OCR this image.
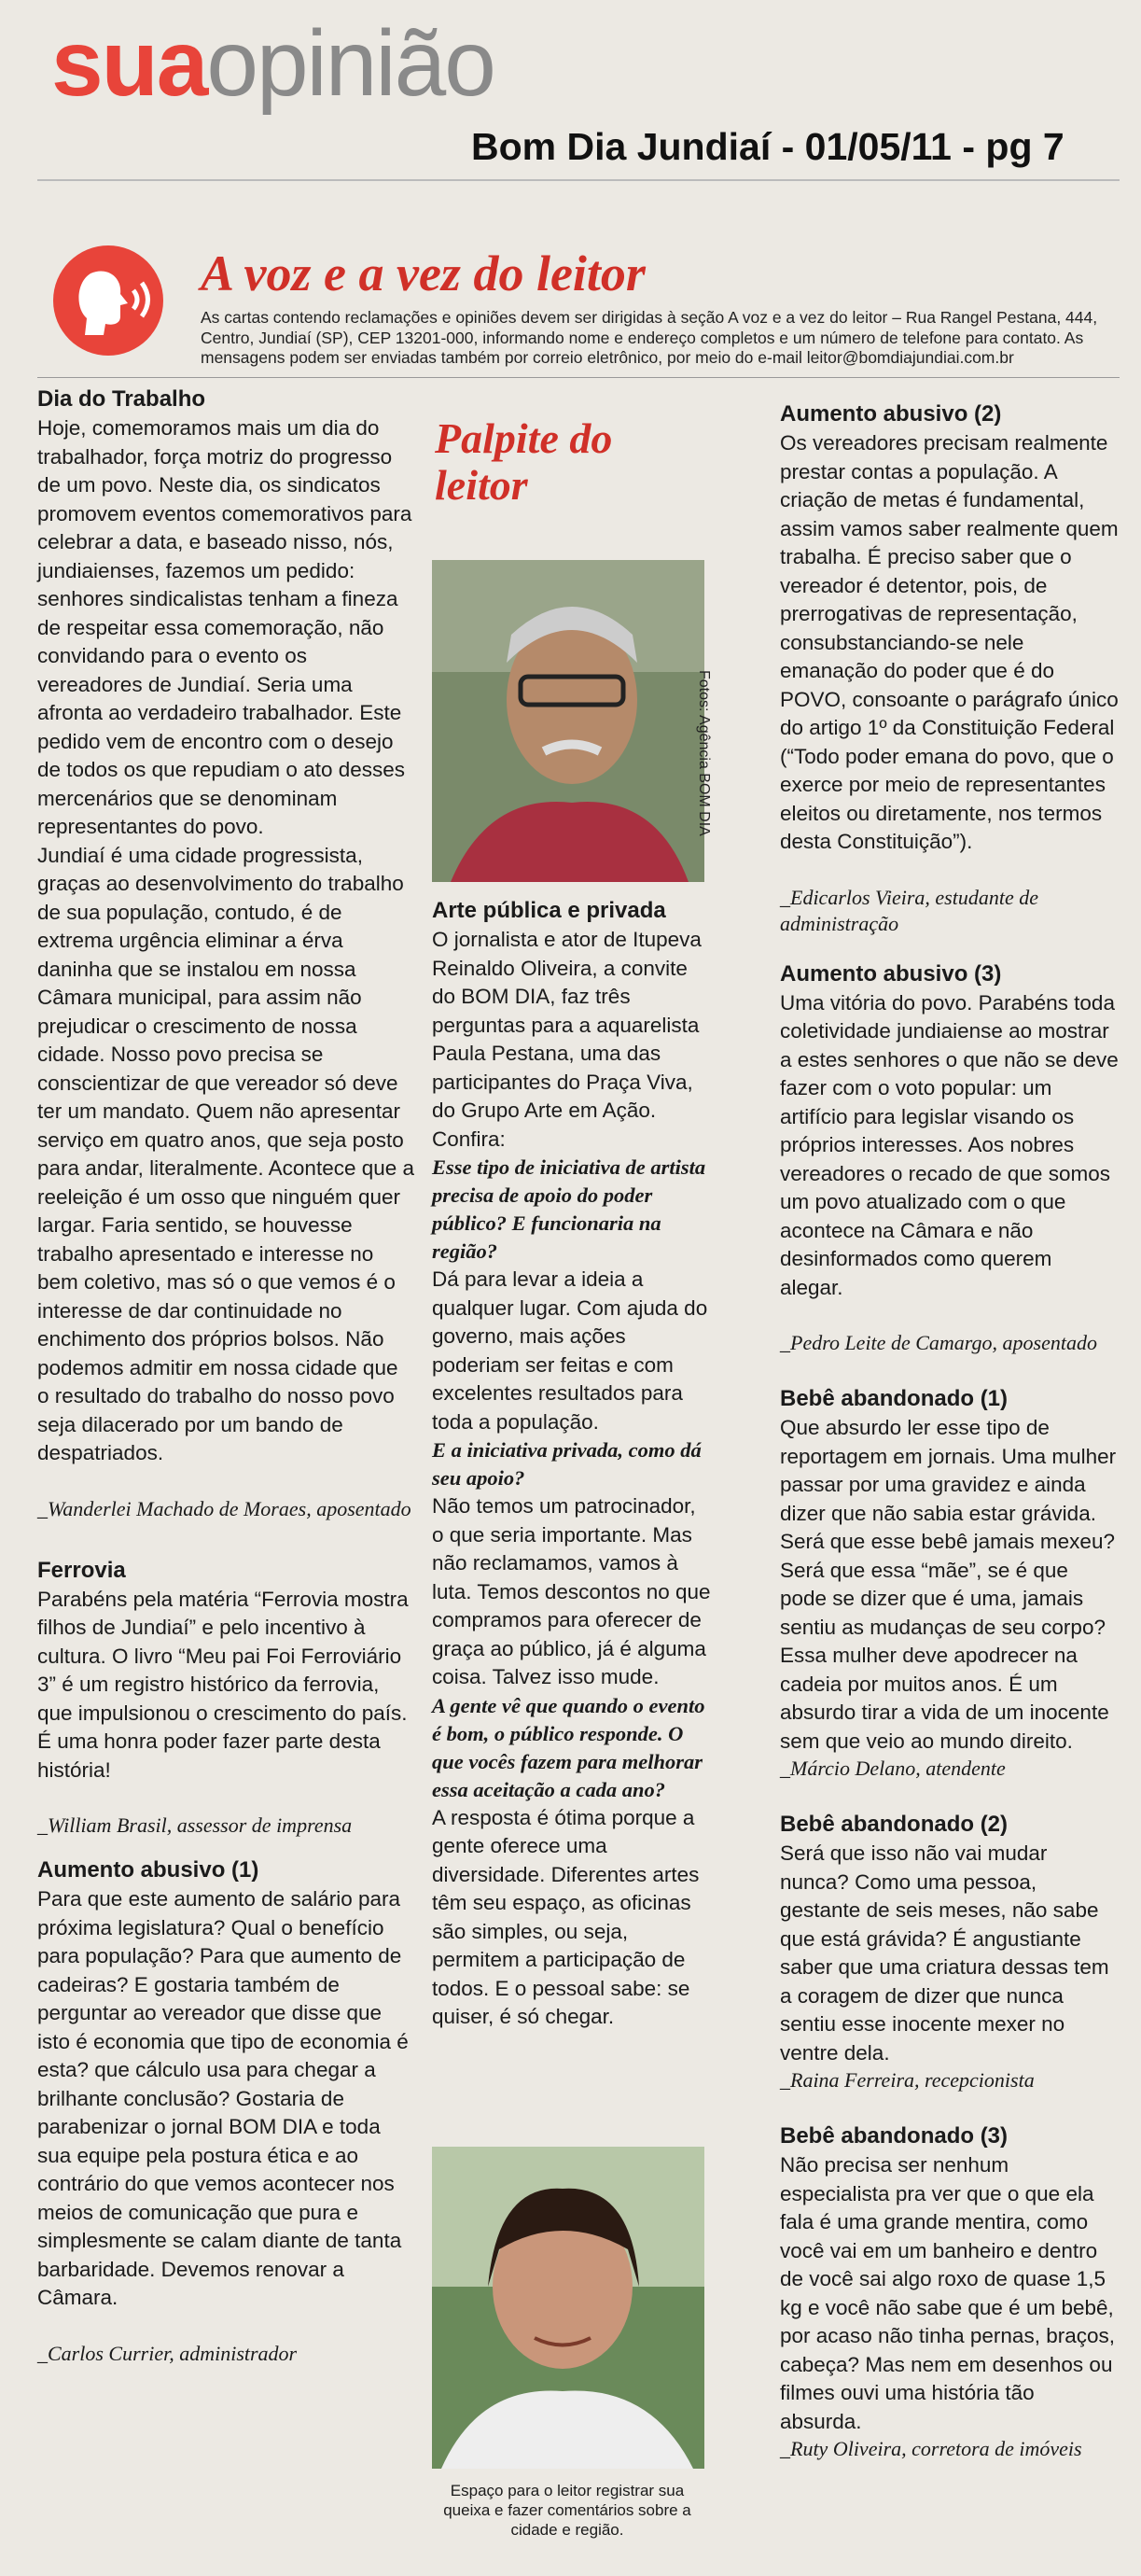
suaopinião
Bom Dia Jundiaí - 01/05/11 - pg 7
A voz e a vez do leitor
As cartas contendo reclamações e opiniões devem ser dirigidas à seção A voz e a vez do leitor – Rua Rangel Pestana, 444, Centro, Jundiaí (SP), CEP 13201-000, informando nome e endereço completos e um número de telefone para contato. As mensagens podem ser enviadas também por correio eletrônico, por meio do e-mail leitor@bomdiajundiai.com.br

Dia do Trabalho

Hoje, comemoramos mais um dia do trabalhador, força motriz do progresso de um povo. Neste dia, os sindicatos promovem eventos comemorativos para celebrar a data, e baseado nisso, nós, jundiaienses, fazemos um pedido: senhores sindicalistas tenham a fineza de respeitar essa comemoração, não convidando para o evento os vereadores de Jundiaí. Seria uma afronta ao verdadeiro trabalhador. Este pedido vem de encontro com o desejo de todos os que repudiam o ato desses mercenários que se denominam representantes do povo.

Jundiaí é uma cidade progressista, graças ao desenvolvimento do trabalho de sua população, contudo, é de extrema urgência eliminar a érva daninha que se instalou em nossa Câmara municipal, para assim não prejudicar o crescimento de nossa cidade. Nosso povo precisa se conscientizar de que vereador só deve ter um mandato. Quem não apresentar serviço em quatro anos, que seja posto para andar, literalmente. Acontece que a reeleição é um osso que ninguém quer largar. Faria sentido, se houvesse trabalho apresentado e interesse no bem coletivo, mas só o que vemos é o interesse de dar continuidade no enchimento dos próprios bolsos. Não podemos admitir em nossa cidade que o resultado do trabalho do nosso povo seja dilacerado por um bando de despatriados.

_Wanderlei Machado de Moraes, aposentado

Ferrovia

Parabéns pela matéria “Ferrovia mostra filhos de Jundiaí” e pelo incentivo à cultura. O livro “Meu pai Foi Ferroviário 3” é um registro histórico da ferrovia, que impulsionou o crescimento do país. É uma honra poder fazer parte desta história!

_William Brasil, assessor de imprensa

Aumento abusivo (1)

Para que este aumento de salário para próxima legislatura? Qual o benefício para população? Para que aumento de cadeiras? E gostaria também de perguntar ao vereador que disse que isto é economia que tipo de economia é esta? que cálculo usa para chegar a brilhante conclusão? Gostaria de parabenizar o jornal BOM DIA e toda sua equipe pela postura ética e ao contrário do que vemos acontecer nos meios de comunicação que pura e simplesmente se calam diante de tanta barbaridade. Devemos renovar a Câmara.

_Carlos Currier, administrador

Palpite do leitor
Fotos: Agência BOM DIA

Arte pública e privada

O jornalista e ator de Itupeva Reinaldo Oliveira, a convite do BOM DIA, faz três perguntas para a aquarelista Paula Pestana, uma das participantes do Praça Viva, do Grupo Arte em Ação. Confira:

Esse tipo de iniciativa de artista precisa de apoio do poder público? E funcionaria na região?

Dá para levar a ideia a qualquer lugar. Com ajuda do governo, mais ações poderiam ser feitas e com excelentes resultados para toda a população.

E a iniciativa privada, como dá seu apoio?

Não temos um patrocinador, o que seria importante. Mas não reclamamos, vamos à luta. Temos descontos no que compramos para oferecer de graça ao público, já é alguma coisa. Talvez isso mude.

A gente vê que quando o evento é bom, o público responde. O que vocês fazem para melhorar essa aceitação a cada ano?

A resposta é ótima porque a gente oferece uma diversidade. Diferentes artes têm seu espaço, as oficinas são simples, ou seja, permitem a participação de todos. E o pessoal sabe: se quiser, é só chegar.

Espaço para o leitor registrar sua queixa e fazer comentários sobre a cidade e região.

Aumento abusivo (2)

Os vereadores precisam realmente prestar contas a população. A criação de metas é fundamental, assim vamos saber realmente quem trabalha. É preciso saber que o vereador é detentor, pois, de prerrogativas de representação, consubstanciando-se nele emanação do poder que é do POVO, consoante o parágrafo único do artigo 1º da Constituição Federal (“Todo poder emana do povo, que o exerce por meio de representantes eleitos ou diretamente, nos termos desta Constituição”).

_Edicarlos Vieira, estudante de administração

Aumento abusivo (3)

Uma vitória do povo. Parabéns toda coletividade jundiaiense ao mostrar a estes senhores o que não se deve fazer com o voto popular: um artifício para legislar visando os próprios interesses. Aos nobres vereadores o recado de que somos um povo atualizado com o que acontece na Câmara e não desinformados como querem alegar.

_Pedro Leite de Camargo, aposentado

Bebê abandonado (1)

Que absurdo ler esse tipo de reportagem em jornais. Uma mulher passar por uma gravidez e ainda dizer que não sabia estar grávida. Será que esse bebê jamais mexeu? Será que essa “mãe”, se é que pode se dizer que é uma, jamais sentiu as mudanças de seu corpo? Essa mulher deve apodrecer na cadeia por muitos anos. É um absurdo tirar a vida de um inocente sem que veio ao mundo direito.

_Márcio Delano, atendente

Bebê abandonado (2)

Será que isso não vai mudar nunca? Como uma pessoa, gestante de seis meses, não sabe que está grávida? É angustiante saber que uma criatura dessas tem a coragem de dizer que nunca sentiu esse inocente mexer no ventre dela.

_Raina Ferreira, recepcionista

Bebê abandonado (3)

Não precisa ser nenhum especialista pra ver que o que ela fala é uma grande mentira, como você vai em um banheiro e dentro de você sai algo roxo de quase 1,5 kg e você não sabe que é um bebê, por acaso não tinha pernas, braços, cabeça? Mas nem em desenhos ou filmes ouvi uma história tão absurda.

_Ruty Oliveira, corretora de imóveis
